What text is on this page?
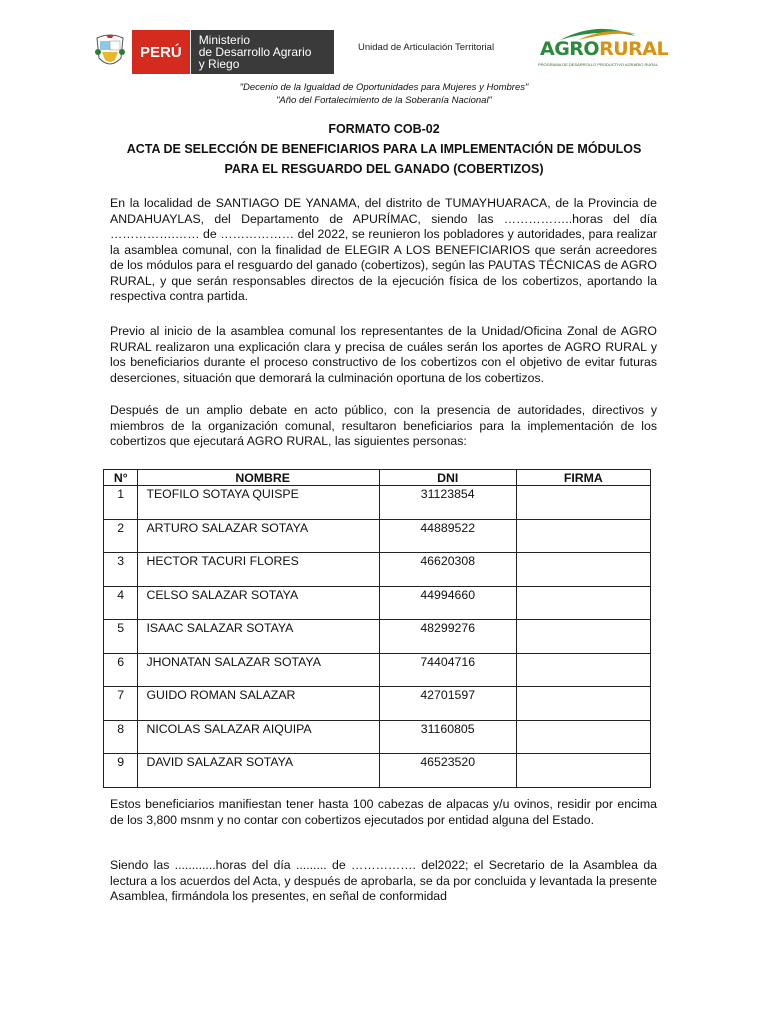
PERÚ
Ministerio
de Desarrollo Agrario
y Riego
Unidad de Articulación Territorial AGRORURAL
PROGRAMA DE DESARROLLO PRODUCTIVO AGRARIO RURAL
"Decenio de la Igualdad de Oportunidades para Mujeres y Hombres"
"Año del Fortalecimiento de la Soberanía Nacional"
FORMATO COB-02
ACTA DE SELECCIÓN DE BENEFICIARIOS PARA LA IMPLEMENTACIÓN DE MÓDULOS
PARA EL RESGUARDO DEL GANADO (COBERTIZOS)

En la localidad de SANTIAGO DE YANAMA, del distrito de TUMAYHUARACA, de la Provincia de ANDAHUAYLAS, del Departamento de APURÍMAC, siendo las ……………..horas del día …………….…… de ……………… del 2022, se reunieron los pobladores y autoridades, para realizar la asamblea comunal, con la finalidad de ELEGIR A LOS BENEFICIARIOS que serán acreedores de los módulos para el resguardo del ganado (cobertizos), según las PAUTAS TÉCNICAS de AGRO RURAL, y que serán responsables directos de la ejecución física de los cobertizos, aportando la respectiva contra partida.

Previo al inicio de la asamblea comunal los representantes de la Unidad/Oficina Zonal de AGRO RURAL realizaron una explicación clara y precisa de cuáles serán los aportes de AGRO RURAL y los beneficiarios durante el proceso constructivo de los cobertizos con el objetivo de evitar futuras deserciones, situación que demorará la culminación oportuna de los cobertizos.

Después de un amplio debate en acto público, con la presencia de autoridades, directivos y miembros de la organización comunal, resultaron beneficiarios para la implementación de los cobertizos que ejecutará AGRO RURAL, las siguientes personas:

N°	NOMBRE	DNI	FIRMA
1	TEOFILO SOTAYA QUISPE	31123854	
2	ARTURO SALAZAR SOTAYA	44889522	
3	HECTOR TACURI FLORES	46620308	
4	CELSO SALAZAR SOTAYA	44994660	
5	ISAAC SALAZAR SOTAYA	48299276	
6	JHONATAN SALAZAR SOTAYA	74404716	
7	GUIDO ROMAN SALAZAR	42701597	
8	NICOLAS SALAZAR AIQUIPA	31160805	
9	DAVID SALAZAR SOTAYA	46523520	

Estos beneficiarios manifiestan tener hasta 100 cabezas de alpacas y/u ovinos, residir por encima de los 3,800 msnm y no contar con cobertizos ejecutados por entidad alguna del Estado.

Siendo las ............horas del día ......... de ……………. del2022; el Secretario de la Asamblea da lectura a los acuerdos del Acta, y después de aprobarla, se da por concluida y levantada la presente Asamblea, firmándola los presentes, en señal de conformidad
